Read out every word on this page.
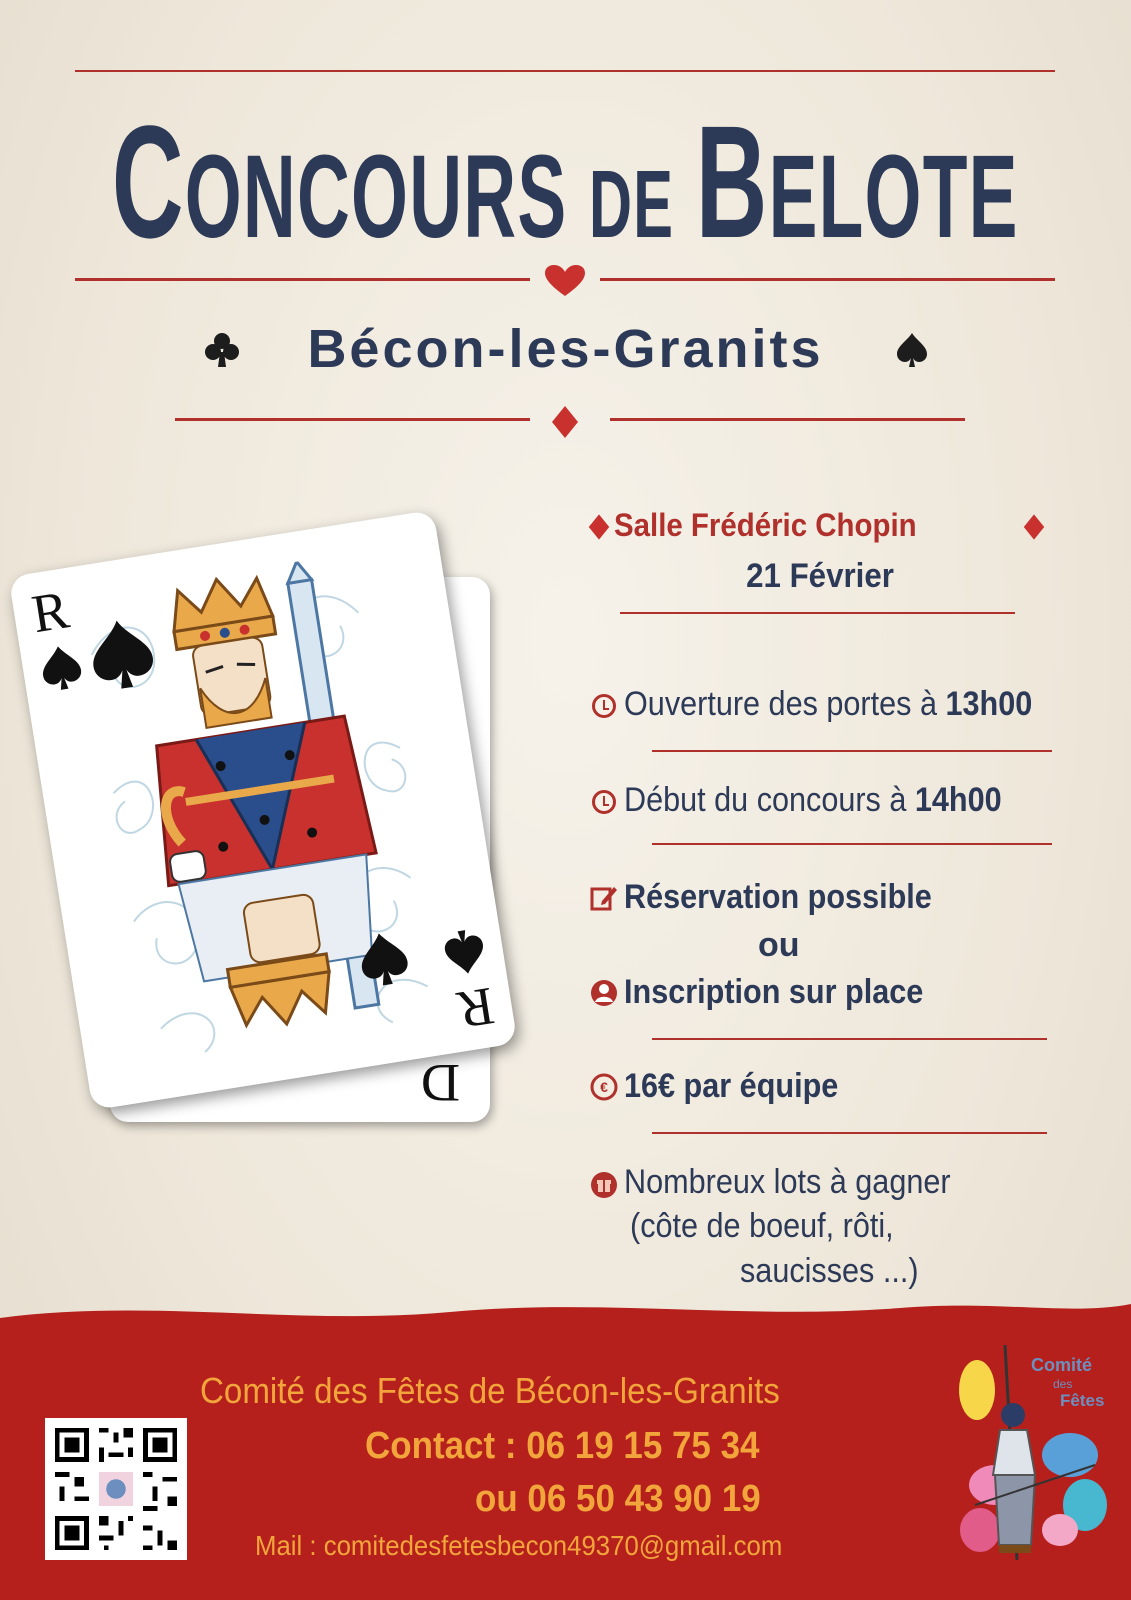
CONCOURS DE BELOTE
Bécon-les-Granits
D
R
R
Salle Frédéric Chopin
21 Février
Ouverture des portes à 13h00
Début du concours à 14h00
Réservation possible
ou
Inscription sur place
€ 16€ par équipe
Nombreux lots à gagner
(côte de boeuf, rôti,
saucisses ...)
Comité des Fêtes de Bécon-les-Granits
Contact : 06 19 15 75 34
ou 06 50 43 90 19
Mail : comitedesfetesbecon49370@gmail.com
Comité
des
Fêtes
